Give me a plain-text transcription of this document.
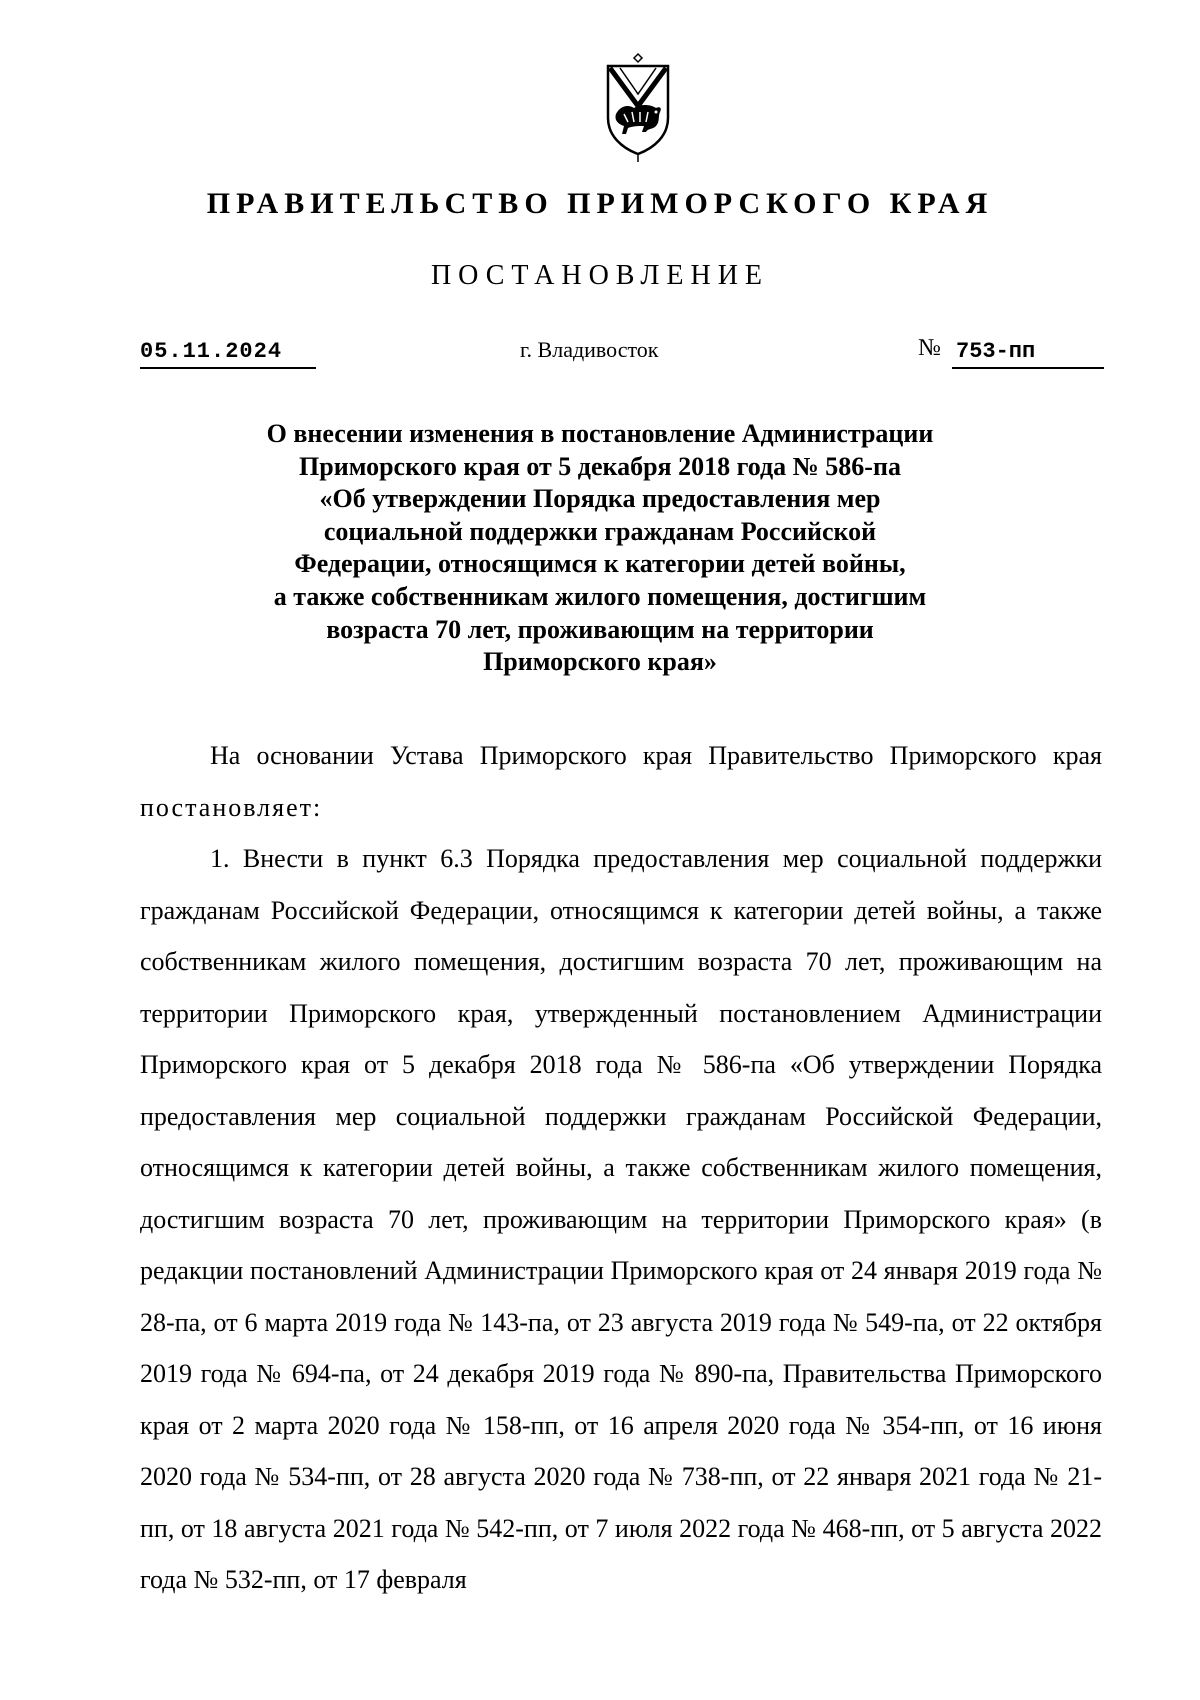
ПРАВИТЕЛЬСТВО ПРИМОРСКОГО КРАЯ
ПОСТАНОВЛЕНИЕ
05.11.2024	г. Владивосток	№ 753-пп
О внесении изменения в постановление Администрации
Приморского края от 5 декабря 2018 года № 586-па
«Об утверждении Порядка предоставления мер
социальной поддержки гражданам Российской
Федерации, относящимся к категории детей войны,
а также собственникам жилого помещения, достигшим
возраста 70 лет, проживающим на территории
Приморского края»

На основании Устава Приморского края Правительство Приморского края постановляет:

1. Внести в пункт 6.3 Порядка предоставления мер социальной поддержки гражданам Российской Федерации, относящимся к категории детей войны, а также собственникам жилого помещения, достигшим возраста 70 лет, проживающим на территории Приморского края, утвержденный постановлением Администрации Приморского края от 5 декабря 2018 года № 586-па «Об утверждении Порядка предоставления мер социальной поддержки гражданам Российской Федерации, относящимся к категории детей войны, а также собственникам жилого помещения, достигшим возраста 70 лет, проживающим на территории Приморского края» (в редакции постановлений Администрации Приморского края от 24 января 2019 года № 28-па, от 6 марта 2019 года № 143-па, от 23 августа 2019 года № 549-па, от 22 октября 2019 года № 694-па, от 24 декабря 2019 года № 890-па, Правительства Приморского края от 2 марта 2020 года № 158-пп, от 16 апреля 2020 года № 354-пп, от 16 июня 2020 года № 534-пп, от 28 августа 2020 года № 738-пп, от 22 января 2021 года № 21-пп, от 18 августа 2021 года № 542-пп, от 7 июля 2022 года № 468-пп, от 5 августа 2022 года № 532-пп, от 17 февраля
